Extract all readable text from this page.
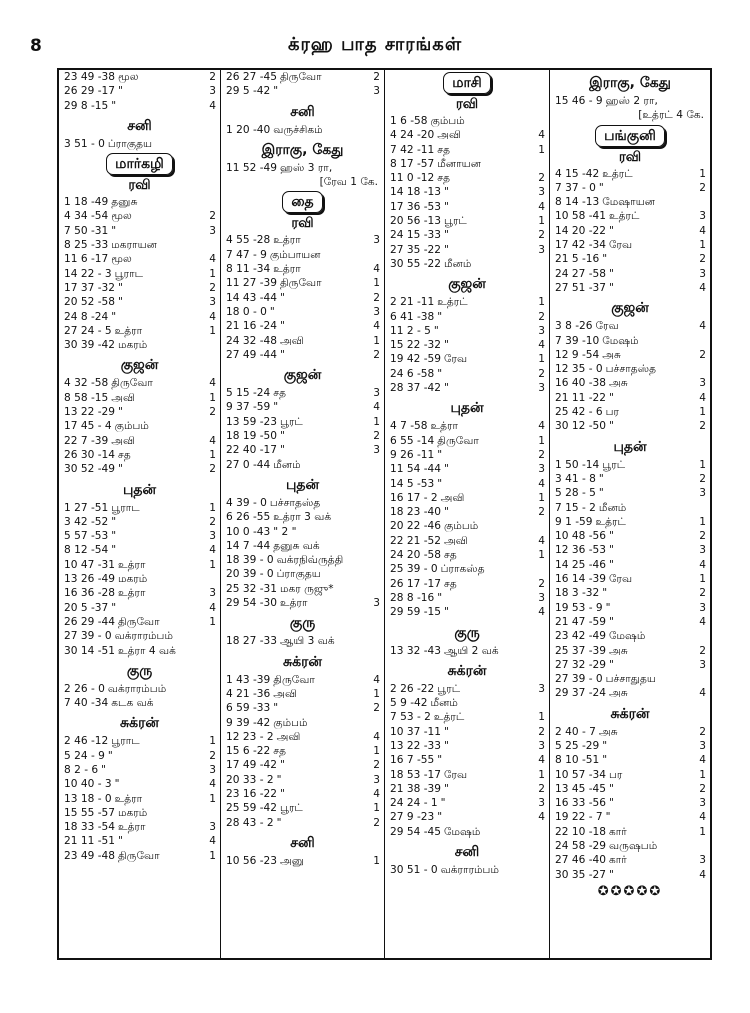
8	க்ரஹ பாத சாரங்கள்
23 49 -38 மூல	2
26 29 -17 "	3
29 8 -15 "	4
சனி
3 51 - 0 ப்ராகுதய
மார்கழி
ரவி
1 18 -49 தனுசு
4 34 -54 மூல	2
7 50 -31 "	3
8 25 -33 மகராயன
11 6 -17 மூல	4
14 22 - 3 பூராட	1
17 37 -32 "	2
20 52 -58 "	3
24 8 -24 "	4
27 24 - 5 உத்ரா	1
30 39 -42 மகரம்
குஜன்
4 32 -58 திருவோ	4
8 58 -15 அவி	1
13 22 -29 "	2
17 45 - 4 கும்பம்
22 7 -39 அவி	4
26 30 -14 சத	1
30 52 -49 "	2
புதன்
1 27 -51 பூராட	1
3 42 -52 "	2
5 57 -53 "	3
8 12 -54 "	4
10 47 -31 உத்ரா	1
13 26 -49 மகரம்
16 36 -28 உத்ரா	3
20 5 -37 "	4
26 29 -44 திருவோ	1
27 39 - 0 வக்ராரம்பம்
30 14 -51 உத்ரா 4 வக்
குரு
2 26 - 0 வக்ராரம்பம்
7 40 -34 கடக வக்
சுக்ரன்
2 46 -12 பூராட	1
5 24 - 9 "	2
8 2 - 6 "	3
10 40 - 3 "	4
13 18 - 0 உத்ரா	1
15 55 -57 மகரம்
18 33 -54 உத்ரா	3
21 11 -51 "	4
23 49 -48 திருவோ	1
26 27 -45 திருவோ	2
29 5 -42 "	3
சனி
1 20 -40 வருச்சிகம்
இராகு, கேது
11 52 -49 ஹஸ் 3 ரா,
[ரேவ 1 கே.
தை
ரவி
4 55 -28 உத்ரா	3
7 47 - 9 கும்பாயன
8 11 -34 உத்ரா	4
11 27 -39 திருவோ	1
14 43 -44 "	2
18 0 - 0 "	3
21 16 -24 "	4
24 32 -48 அவி	1
27 49 -44 "	2
குஜன்
5 15 -24 சத	3
9 37 -59 "	4
13 59 -23 பூரட்	1
18 19 -50 "	2
22 40 -17 "	3
27 0 -44 மீனம்
புதன்
4 39 - 0 பச்சாதஸ்த
6 26 -55 உத்ரா 3 வக்
10 0 -43 " 2 "
14 7 -44 தனுசு வக்
18 39 - 0 வக்ரநிவ்ருத்தி
20 39 - 0 ப்ராகுதய
25 32 -31 மகர ருஜு*
29 54 -30 உத்ரா	3
குரு
18 27 -33 ஆயி 3 வக்
சுக்ரன்
1 43 -39 திருவோ	4
4 21 -36 அவி	1
6 59 -33 "	2
9 39 -42 கும்பம்
12 23 - 2 அவி	4
15 6 -22 சத	1
17 49 -42 "	2
20 33 - 2 "	3
23 16 -22 "	4
25 59 -42 பூரட்	1
28 43 - 2 "	2
சனி
10 56 -23 அனு	1
மாசி
ரவி
1 6 -58 கும்பம்
4 24 -20 அவி	4
7 42 -11 சத	1
8 17 -57 மீனாயன
11 0 -12 சத	2
14 18 -13 "	3
17 36 -53 "	4
20 56 -13 பூரட்	1
24 15 -33 "	2
27 35 -22 "	3
30 55 -22 மீனம்
குஜன்
2 21 -11 உத்ரட்	1
6 41 -38 "	2
11 2 - 5 "	3
15 22 -32 "	4
19 42 -59 ரேவ	1
24 6 -58 "	2
28 37 -42 "	3
புதன்
4 7 -58 உத்ரா	4
6 55 -14 திருவோ	1
9 26 -11 "	2
11 54 -44 "	3
14 5 -53 "	4
16 17 - 2 அவி	1
18 23 -40 "	2
20 22 -46 கும்பம்
22 21 -52 அவி	4
24 20 -58 சத	1
25 39 - 0 ப்ராகஸ்த
26 17 -17 சத	2
28 8 -16 "	3
29 59 -15 "	4
குரு
13 32 -43 ஆயி 2 வக்
சுக்ரன்
2 26 -22 பூரட்	3
5 9 -42 மீனம்
7 53 - 2 உத்ரட்	1
10 37 -11 "	2
13 22 -33 "	3
16 7 -55 "	4
18 53 -17 ரேவ	1
21 38 -39 "	2
24 24 - 1 "	3
27 9 -23 "	4
29 54 -45 மேஷம்
சனி
30 51 - 0 வக்ராரம்பம்
இராகு, கேது
15 46 - 9 ஹஸ் 2 ரா,
[உத்ரட் 4 கே.
பங்குனி
ரவி
4 15 -42 உத்ரட்	1
7 37 - 0 "	2
8 14 -13 மேஷாயன
10 58 -41 உத்ரட்	3
14 20 -22 "	4
17 42 -34 ரேவ	1
21 5 -16 "	2
24 27 -58 "	3
27 51 -37 "	4
குஜன்
3 8 -26 ரேவ	4
7 39 -10 மேஷம்
12 9 -54 அசு	2
12 35 - 0 பச்சாதஸ்த
16 40 -38 அசு	3
21 11 -22 "	4
25 42 - 6 பர	1
30 12 -50 "	2
புதன்
1 50 -14 பூரட்	1
3 41 - 8 "	2
5 28 - 5 "	3
7 15 - 2 மீனம்
9 1 -59 உத்ரட்	1
10 48 -56 "	2
12 36 -53 "	3
14 25 -46 "	4
16 14 -39 ரேவ	1
18 3 -32 "	2
19 53 - 9 "	3
21 47 -59 "	4
23 42 -49 மேஷம்
25 37 -39 அசு	2
27 32 -29 "	3
27 39 - 0 பச்சாதுதய
29 37 -24 அசு	4
சுக்ரன்
2 40 - 7 அசு	2
5 25 -29 "	3
8 10 -51 "	4
10 57 -34 பர	1
13 45 -45 "	2
16 33 -56 "	3
19 22 - 7 "	4
22 10 -18 கார்	1
24 58 -29 வருஷபம்
27 46 -40 கார்	3
30 35 -27 "	4
✪✪✪✪✪
